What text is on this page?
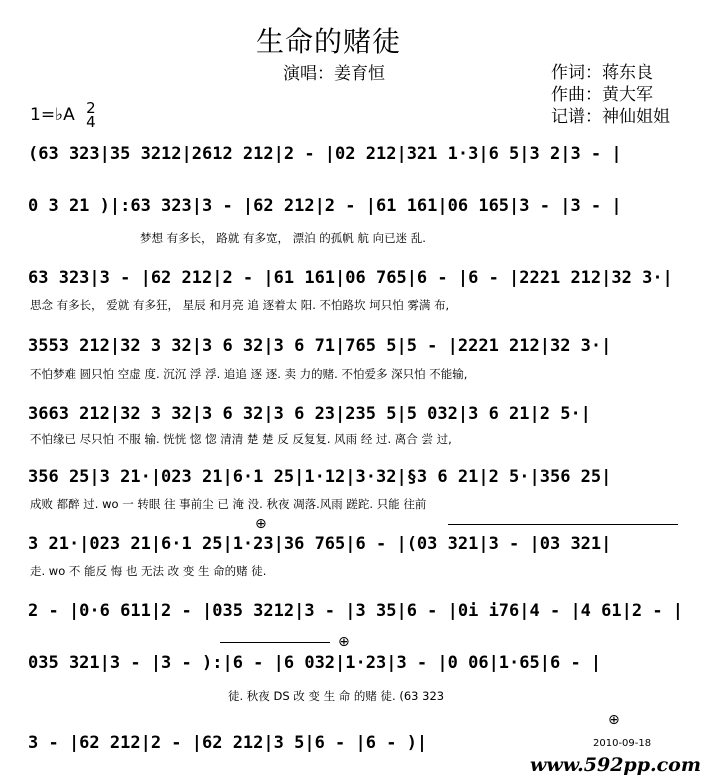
生命的赌徒
演唱：姜育恒	作词：蒋东良
作曲：黄大军
记谱：神仙姐姐
1=♭A 2
4
(63 323|35 3212|2612 212|2 - |02 212|321 1·3|6 5|3 2|3 - |
0 3 21 )|:63 323|3 - |62 212|2 - |61 161|06 165|3 - |3 - |
梦想 有多长， 路就 有多宽， 漂泊 的孤帆 航 向已迷 乱.
63 323|3 - |62 212|2 - |61 161|06 765|6 - |6 - |2221 212|32 3·|
思念 有多长， 爱就 有多狂， 星辰 和月亮 追 逐着太 阳. 不怕路坎 坷只怕 雾满 布,
3553 212|32 3 32|3 6 32|3 6 71|765 5|5 - |2221 212|32 3·|
不怕梦难 圆只怕 空虚 度. 沉沉 浮 浮. 追追 逐 逐. 卖 力的赌. 不怕爱多 深只怕 不能输,
3663 212|32 3 32|3 6 32|3 6 23|235 5|5 032|3 6 21|2 5·|
不怕缘已 尽只怕 不服 输. 恍恍 惚 惚 清清 楚 楚 反 反复复. 风雨 经 过. 离合 尝 过,
356 25|3 21·|023 21|6·1 25|1·12|3·32|§3 6 21|2 5·|356 25|
成败 都醉 过. wo 一 转眼 往 事前尘 已 淹 没. 秋夜 凋落.风雨 蹉跎. 只能 往前
3 21·|023 21|6·1 25|1·23|36 765|6 - |(03 321|3 - |03 321|
走. wo 不 能反 悔 也 无法 改 变 生 命的赌 徒.
2 - |0·6 611|2 - |035 3212|3 - |3 35|6 - |0i i76|4 - |4 61|2 - |
035 321|3 - |3 - ):|6 - |6 032|1·23|3 - |0 06|1·65|6 - |
徒. 秋夜 DS 改 变 生 命 的赌 徒. (63 323
3 - |62 212|2 - |62 212|3 5|6 - |6 - )|
⊕
⊕
⊕
2010-09-18
www.592pp.com
